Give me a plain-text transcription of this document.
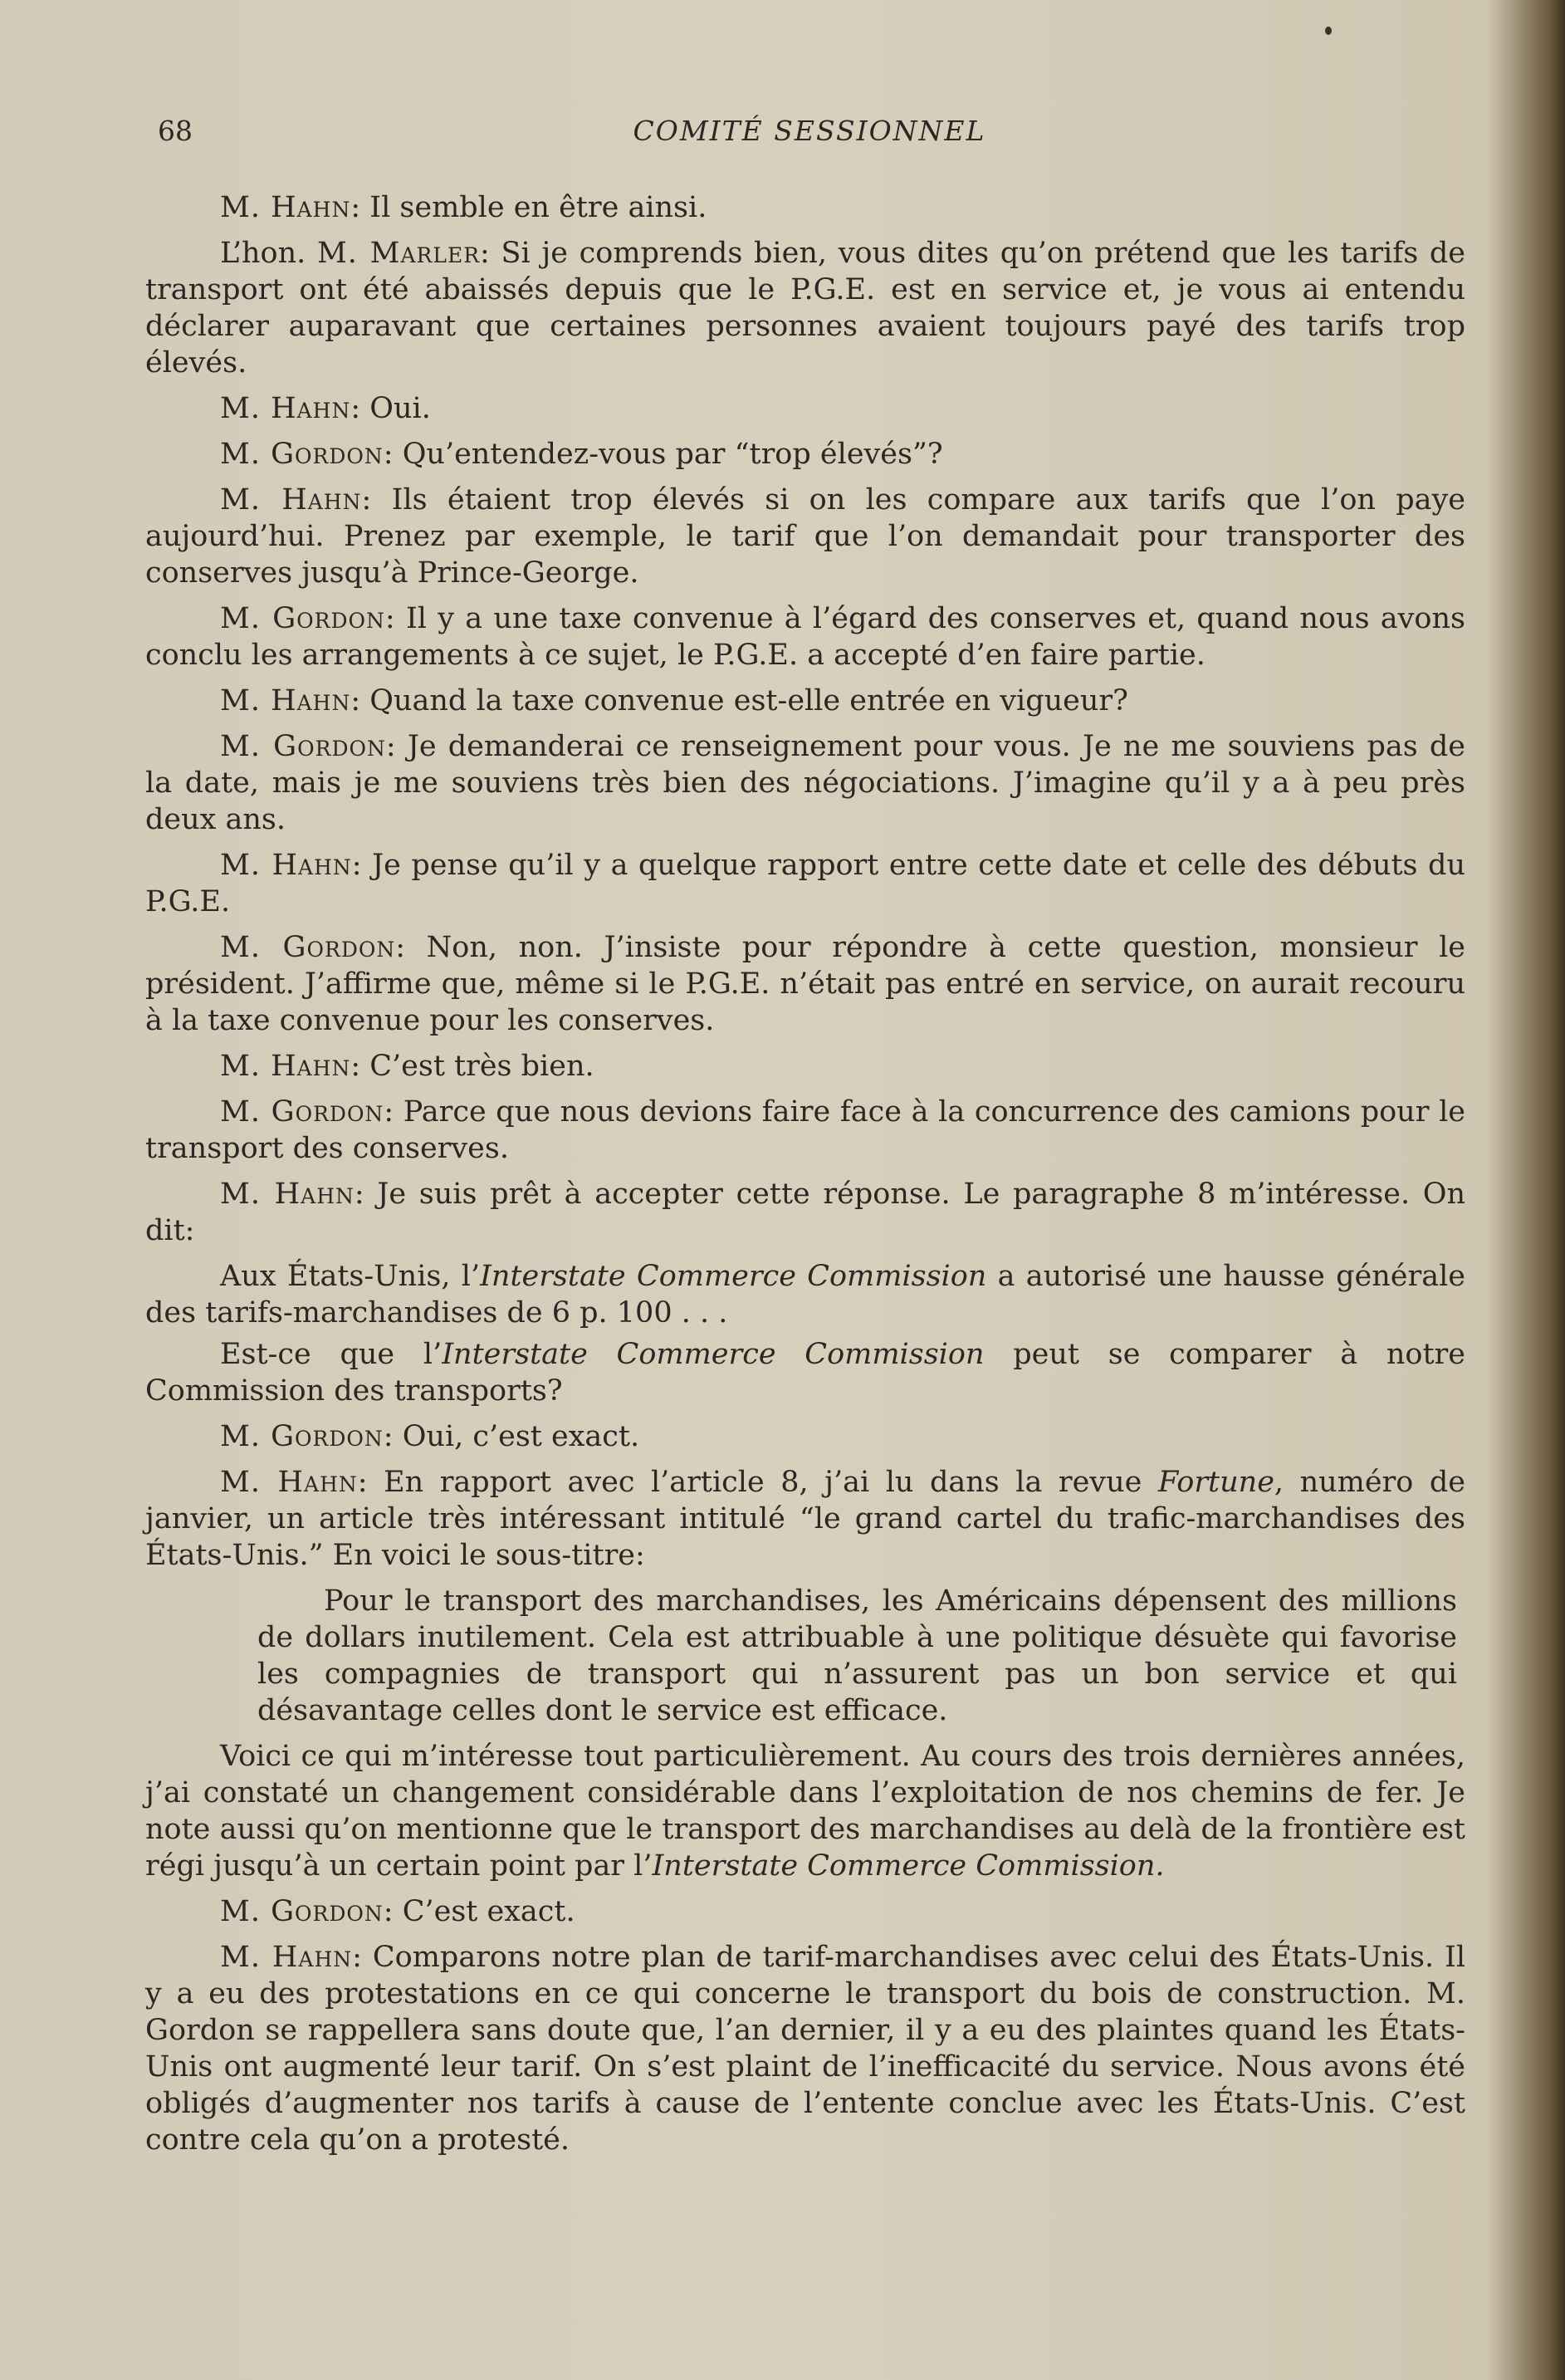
68	COMITÉ SESSIONNEL

M. Hahn: Il semble en être ainsi.

L’hon. M. Marler: Si je comprends bien, vous dites qu’on prétend que les tarifs de transport ont été abaissés depuis que le P.G.E. est en service et, je vous ai entendu déclarer auparavant que certaines personnes avaient toujours payé des tarifs trop élevés.

M. Hahn: Oui.

M. Gordon: Qu’entendez-vous par “trop élevés”?

M. Hahn: Ils étaient trop élevés si on les compare aux tarifs que l’on paye aujourd’hui. Prenez par exemple, le tarif que l’on demandait pour transporter des conserves jusqu’à Prince-George.

M. Gordon: Il y a une taxe convenue à l’égard des conserves et, quand nous avons conclu les arrangements à ce sujet, le P.G.E. a accepté d’en faire partie.

M. Hahn: Quand la taxe convenue est-elle entrée en vigueur?

M. Gordon: Je demanderai ce renseignement pour vous. Je ne me souviens pas de la date, mais je me souviens très bien des négociations. J’imagine qu’il y a à peu près deux ans.

M. Hahn: Je pense qu’il y a quelque rapport entre cette date et celle des débuts du P.G.E.

M. Gordon: Non, non. J’insiste pour répondre à cette question, monsieur le président. J’affirme que, même si le P.G.E. n’était pas entré en service, on aurait recouru à la taxe convenue pour les conserves.

M. Hahn: C’est très bien.

M. Gordon: Parce que nous devions faire face à la concurrence des camions pour le transport des conserves.

M. Hahn: Je suis prêt à accepter cette réponse. Le paragraphe 8 m’intéresse. On dit:

Aux États-Unis, l’Interstate Commerce Commission a autorisé une hausse générale des tarifs-marchandises de 6 p. 100 . . .

Est-ce que l’Interstate Commerce Commission peut se comparer à notre Commission des transports?

M. Gordon: Oui, c’est exact.

M. Hahn: En rapport avec l’article 8, j’ai lu dans la revue Fortune, numéro de janvier, un article très intéressant intitulé “le grand cartel du trafic-marchandises des États-Unis.” En voici le sous-titre:

Pour le transport des marchandises, les Américains dépensent des millions de dollars inutilement. Cela est attribuable à une politique désuète qui favorise les compagnies de transport qui n’assurent pas un bon service et qui désavantage celles dont le service est efficace.

Voici ce qui m’intéresse tout particulièrement. Au cours des trois dernières années, j’ai constaté un changement considérable dans l’exploitation de nos chemins de fer. Je note aussi qu’on mentionne que le transport des marchandises au delà de la frontière est régi jusqu’à un certain point par l’Interstate Commerce Commission.

M. Gordon: C’est exact.

M. Hahn: Comparons notre plan de tarif-marchandises avec celui des États-Unis. Il y a eu des protestations en ce qui concerne le transport du bois de construction. M. Gordon se rappellera sans doute que, l’an dernier, il y a eu des plaintes quand les États-Unis ont augmenté leur tarif. On s’est plaint de l’inefficacité du service. Nous avons été obligés d’augmenter nos tarifs à cause de l’entente conclue avec les États-Unis. C’est contre cela qu’on a protesté.
